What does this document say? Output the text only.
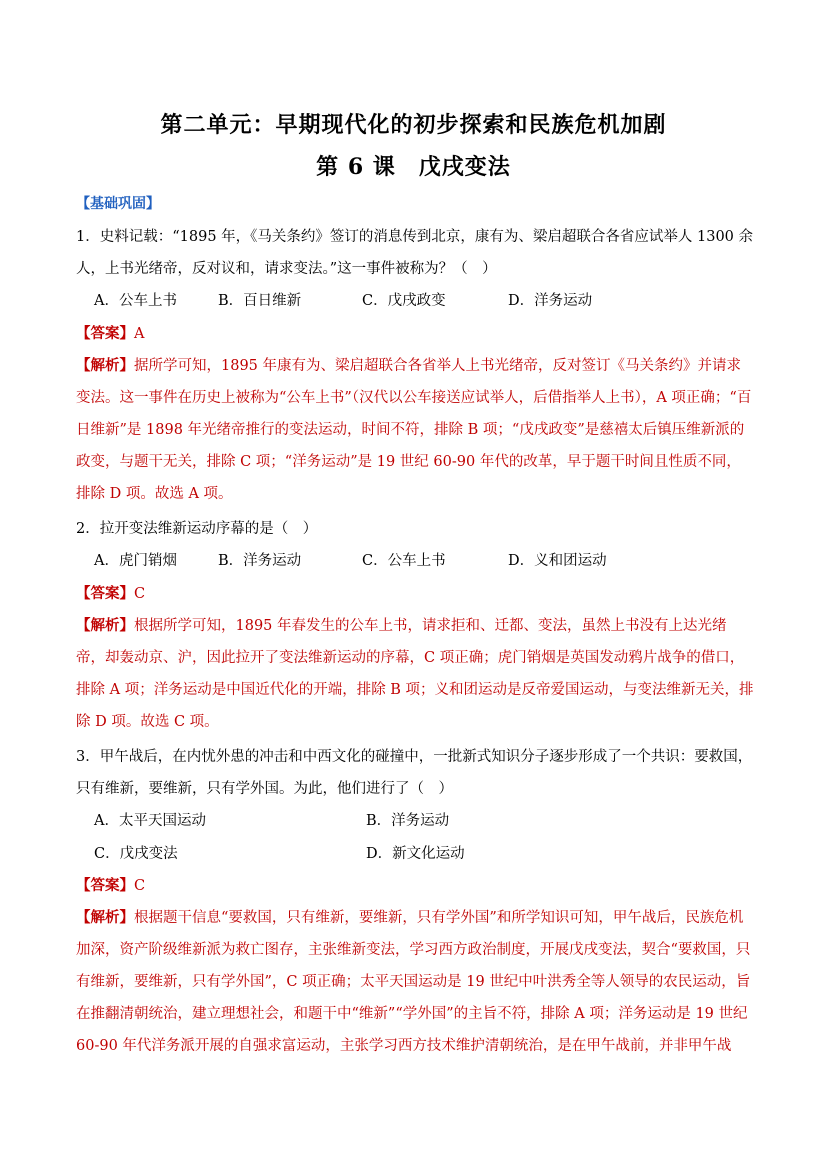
第二单元：早期现代化的初步探索和民族危机加剧
第 6 课　戊戌变法
【基础巩固】
1．史料记载：“1895 年，《马关条约》签订的消息传到北京，康有为、梁启超联合各省应试举人 1300 余人，上书光绪帝，反对议和，请求变法。”这一事件被称为？（　）
A．公车上书	B．百日维新	C．戊戌政变	D．洋务运动
【答案】A
【解析】据所学可知，1895 年康有为、梁启超联合各省举人上书光绪帝，反对签订《马关条约》并请求变法。这一事件在历史上被称为“公车上书”（汉代以公车接送应试举人，后借指举人上书），A 项正确；“百日维新”是 1898 年光绪帝推行的变法运动，时间不符，排除 B 项；“戊戌政变”是慈禧太后镇压维新派的政变，与题干无关，排除 C 项；“洋务运动”是 19 世纪 60-90 年代的改革，早于题干时间且性质不同，排除 D 项。故选 A 项。
2．拉开变法维新运动序幕的是（　）
A．虎门销烟	B．洋务运动	C．公车上书	D．义和团运动
【答案】C
【解析】根据所学可知，1895 年春发生的公车上书，请求拒和、迁都、变法，虽然上书没有上达光绪帝，却轰动京、沪，因此拉开了变法维新运动的序幕，C 项正确；虎门销烟是英国发动鸦片战争的借口，排除 A 项；洋务运动是中国近代化的开端，排除 B 项；义和团运动是反帝爱国运动，与变法维新无关，排除 D 项。故选 C 项。
3．甲午战后，在内忧外患的冲击和中西文化的碰撞中，一批新式知识分子逐步形成了一个共识：要救国，只有维新，要维新，只有学外国。为此，他们进行了（　）
A．太平天国运动	B．洋务运动
C．戊戌变法	D．新文化运动
【答案】C
【解析】根据题干信息“要救国，只有维新，要维新，只有学外国”和所学知识可知，甲午战后，民族危机加深，资产阶级维新派为救亡图存，主张维新变法，学习西方政治制度，开展戊戌变法，契合“要救国，只有维新，要维新，只有学外国”，C 项正确；太平天国运动是 19 世纪中叶洪秀全等人领导的农民运动，旨在推翻清朝统治，建立理想社会，和题干中“维新”“学外国”的主旨不符，排除 A 项；洋务运动是 19 世纪 60-90 年代洋务派开展的自强求富运动，主张学习西方技术维护清朝统治，是在甲午战前，并非甲午战
